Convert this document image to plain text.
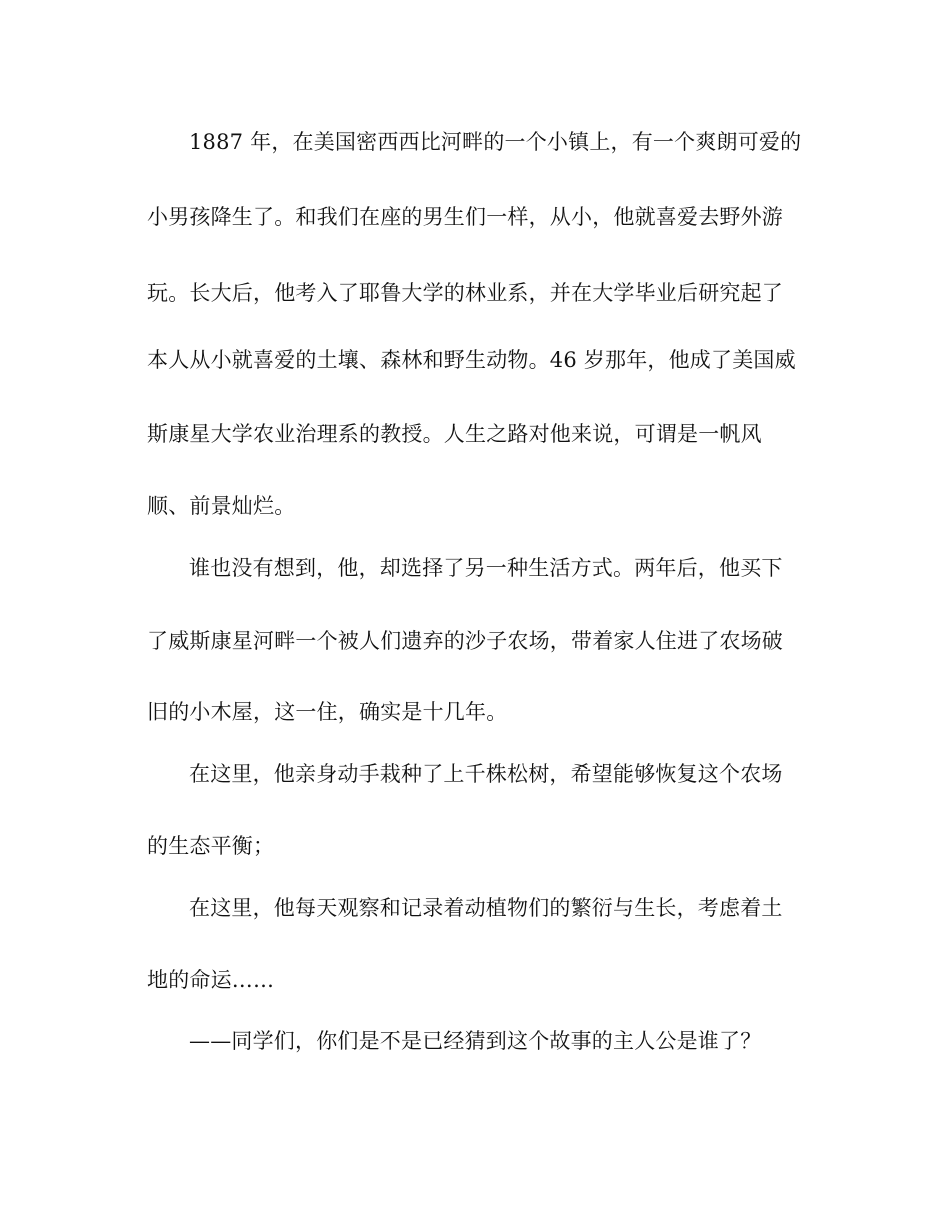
1887 年，在美国密西西比河畔的一个小镇上，有一个爽朗可爱的

小男孩降生了。和我们在座的男生们一样，从小，他就喜爱去野外游

玩。长大后，他考入了耶鲁大学的林业系，并在大学毕业后研究起了

本人从小就喜爱的土壤、森林和野生动物。46 岁那年，他成了美国威

斯康星大学农业治理系的教授。人生之路对他来说，可谓是一帆风

顺、前景灿烂。

谁也没有想到，他，却选择了另一种生活方式。两年后，他买下

了威斯康星河畔一个被人们遗弃的沙子农场，带着家人住进了农场破

旧的小木屋，这一住，确实是十几年。

在这里，他亲身动手栽种了上千株松树，希望能够恢复这个农场

的生态平衡；

在这里，他每天观察和记录着动植物们的繁衍与生长，考虑着土

地的命运……

——同学们，你们是不是已经猜到这个故事的主人公是谁了？
